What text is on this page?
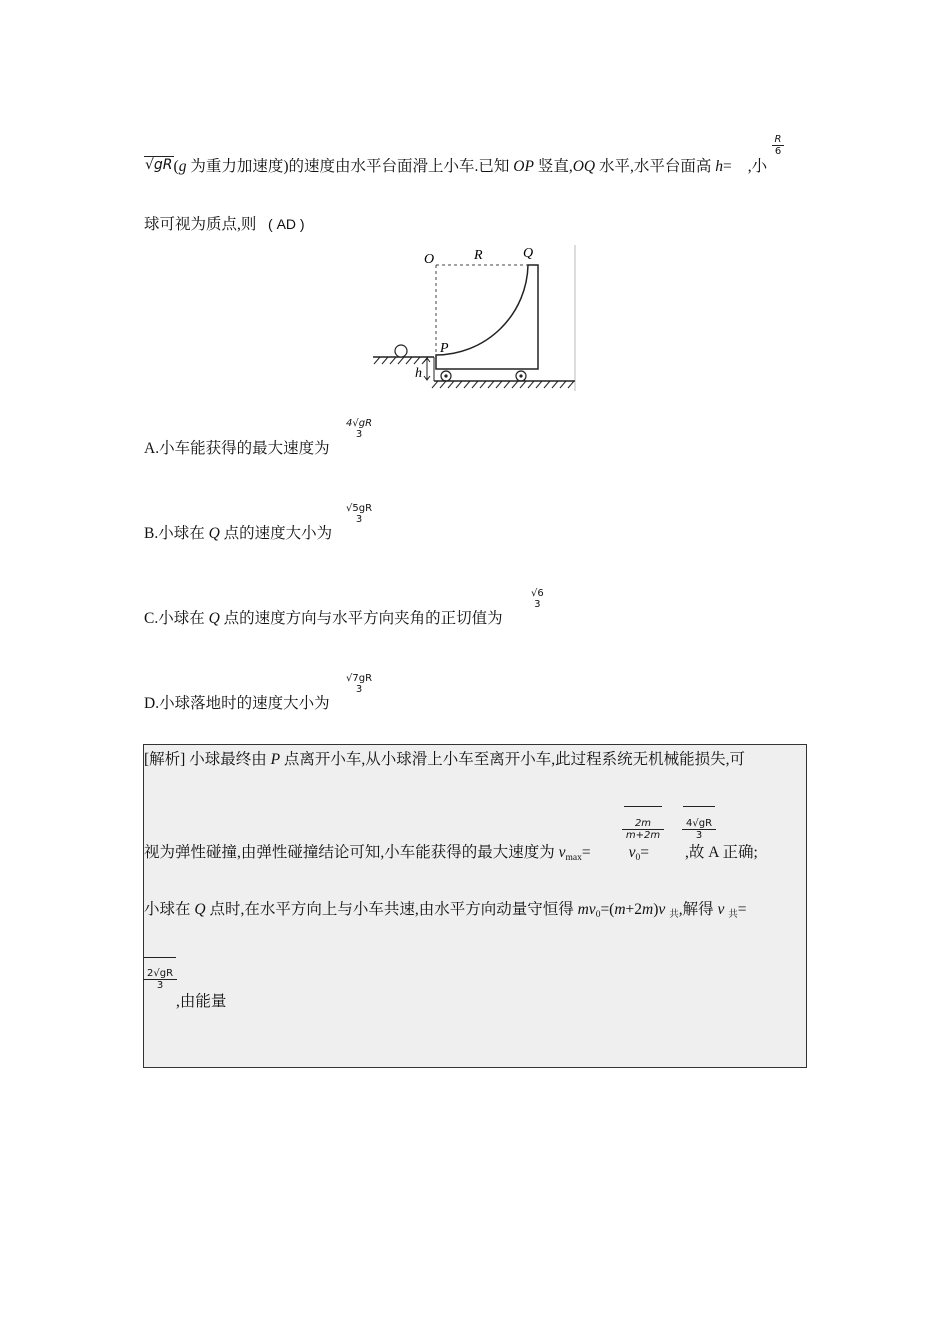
√gR(g 为重力加速度)的速度由水平台面滑上小车.已知 OP 竖直,OQ 水平,水平台面高 h= ,小
$\frac{R}{6}$
球可视为质点,则 ( AD )
O	R	Q
P
h
A.小车能获得的最大速度为
4√gR
3
B.小球在 Q 点的速度大小为
√5gR
3
C.小球在 Q 点的速度方向与水平方向夹角的正切值为
√6
3
D.小球落地时的速度大小为
√7gR
3
[解析] 小球最终由 P 点离开小车,从小球滑上小车至离开小车,此过程系统无机械能损失,可
$\frac{2m}{m+2m} \frac{4√gR}{3}$
视为弹性碰撞,由弹性碰撞结论可知,小车能获得的最大速度为 $v_{max}= v_0=$ ,故 A 正确;
小球在 Q 点时,在水平方向上与小车共速,由水平方向动量守恒得 $mv_0=(m+2m)v$ $_共$,解得 v $_共$=
$\frac{2√gR}{3}$
,由能量
